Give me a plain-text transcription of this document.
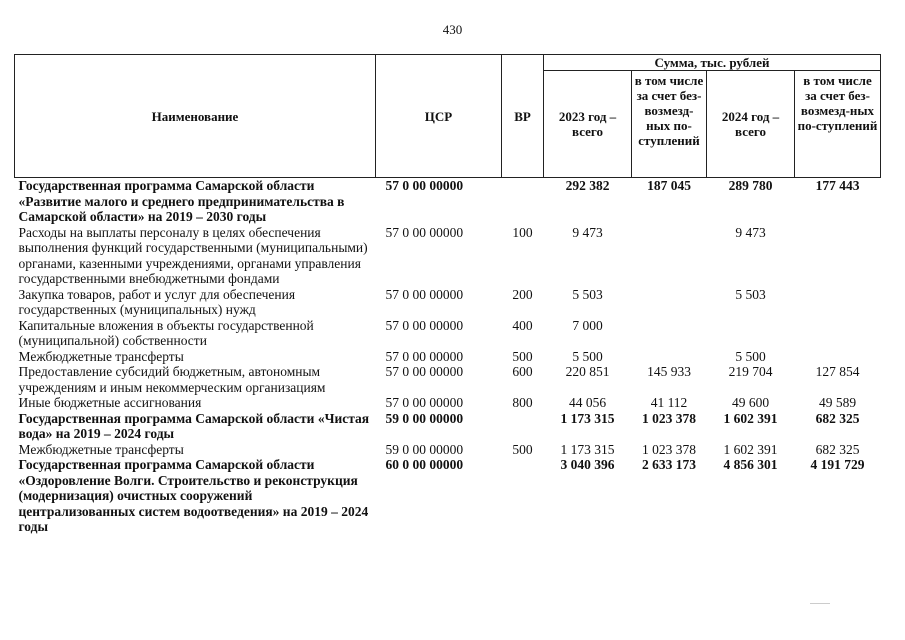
430
Наименование	ЦСР	ВР	Сумма, тыс. рублей			
			2023 год – всего	в том числе за счет без-возмезд-ных по-ступлений	2024 год – всего	в том числе за счет без-возмезд-ных по-ступлений
Государственная программа Самарской области «Развитие малого и среднего предпринимательства в Самарской области» на 2019 – 2030 годы	57 0 00 00000		292 382	187 045	289 780	177 443
Расходы на выплаты персоналу в целях обеспечения выполнения функций государственными (муниципальными) органами, казенными учреждениями, органами управления государственными внебюджетными фондами	57 0 00 00000	100	9 473		9 473	
Закупка товаров, работ и услуг для обеспечения государственных (муниципальных) нужд	57 0 00 00000	200	5 503		5 503	
Капитальные вложения в объекты государственной (муниципальной) собственности	57 0 00 00000	400	7 000			
Межбюджетные трансферты	57 0 00 00000	500	5 500		5 500	
Предоставление субсидий бюджетным, автономным учреждениям и иным некоммерческим организациям	57 0 00 00000	600	220 851	145 933	219 704	127 854
Иные бюджетные ассигнования	57 0 00 00000	800	44 056	41 112	49 600	49 589
Государственная программа Самарской области «Чистая вода» на 2019 – 2024 годы	59 0 00 00000		1 173 315	1 023 378	1 602 391	682 325
Межбюджетные трансферты	59 0 00 00000	500	1 173 315	1 023 378	1 602 391	682 325
Государственная программа Самарской области «Оздоровление Волги. Строительство и реконструкция (модернизация) очистных сооружений централизованных систем водоотведения» на 2019 – 2024 годы	60 0 00 00000		3 040 396	2 633 173	4 856 301	4 191 729
